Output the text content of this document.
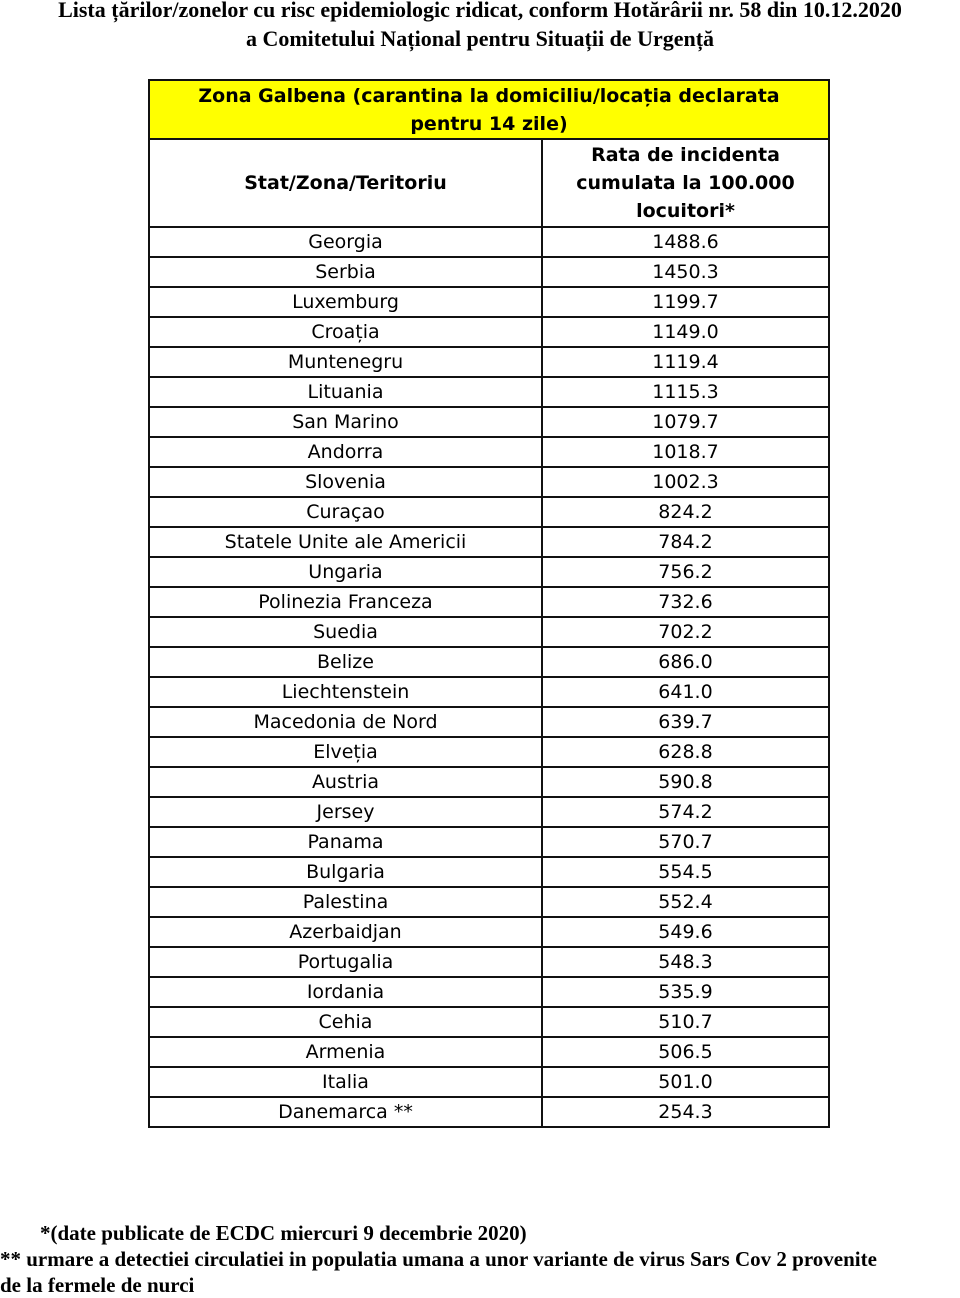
Lista țărilor/zonelor cu risc epidemiologic ridicat, conform Hotărârii nr. 58 din 10.12.2020
a Comitetului Național pentru Situații de Urgență
Zona Galbena (carantina la domiciliu/locația declarata pentru 14 zile)	
Stat/Zona/Teritoriu	Rata de incidenta cumulata la 100.000 locuitori*
Georgia	1488.6
Serbia	1450.3
Luxemburg	1199.7
Croația	1149.0
Muntenegru	1119.4
Lituania	1115.3
San Marino	1079.7
Andorra	1018.7
Slovenia	1002.3
Curaçao	824.2
Statele Unite ale Americii	784.2
Ungaria	756.2
Polinezia Franceza	732.6
Suedia	702.2
Belize	686.0
Liechtenstein	641.0
Macedonia de Nord	639.7
Elveția	628.8
Austria	590.8
Jersey	574.2
Panama	570.7
Bulgaria	554.5
Palestina	552.4
Azerbaidjan	549.6
Portugalia	548.3
Iordania	535.9
Cehia	510.7
Armenia	506.5
Italia	501.0
Danemarca **	254.3
*(date publicate de ECDC miercuri 9 decembrie 2020)
** urmare a detectiei circulatiei in populatia umana a unor variante de virus Sars Cov 2 provenite
de la fermele de nurci
